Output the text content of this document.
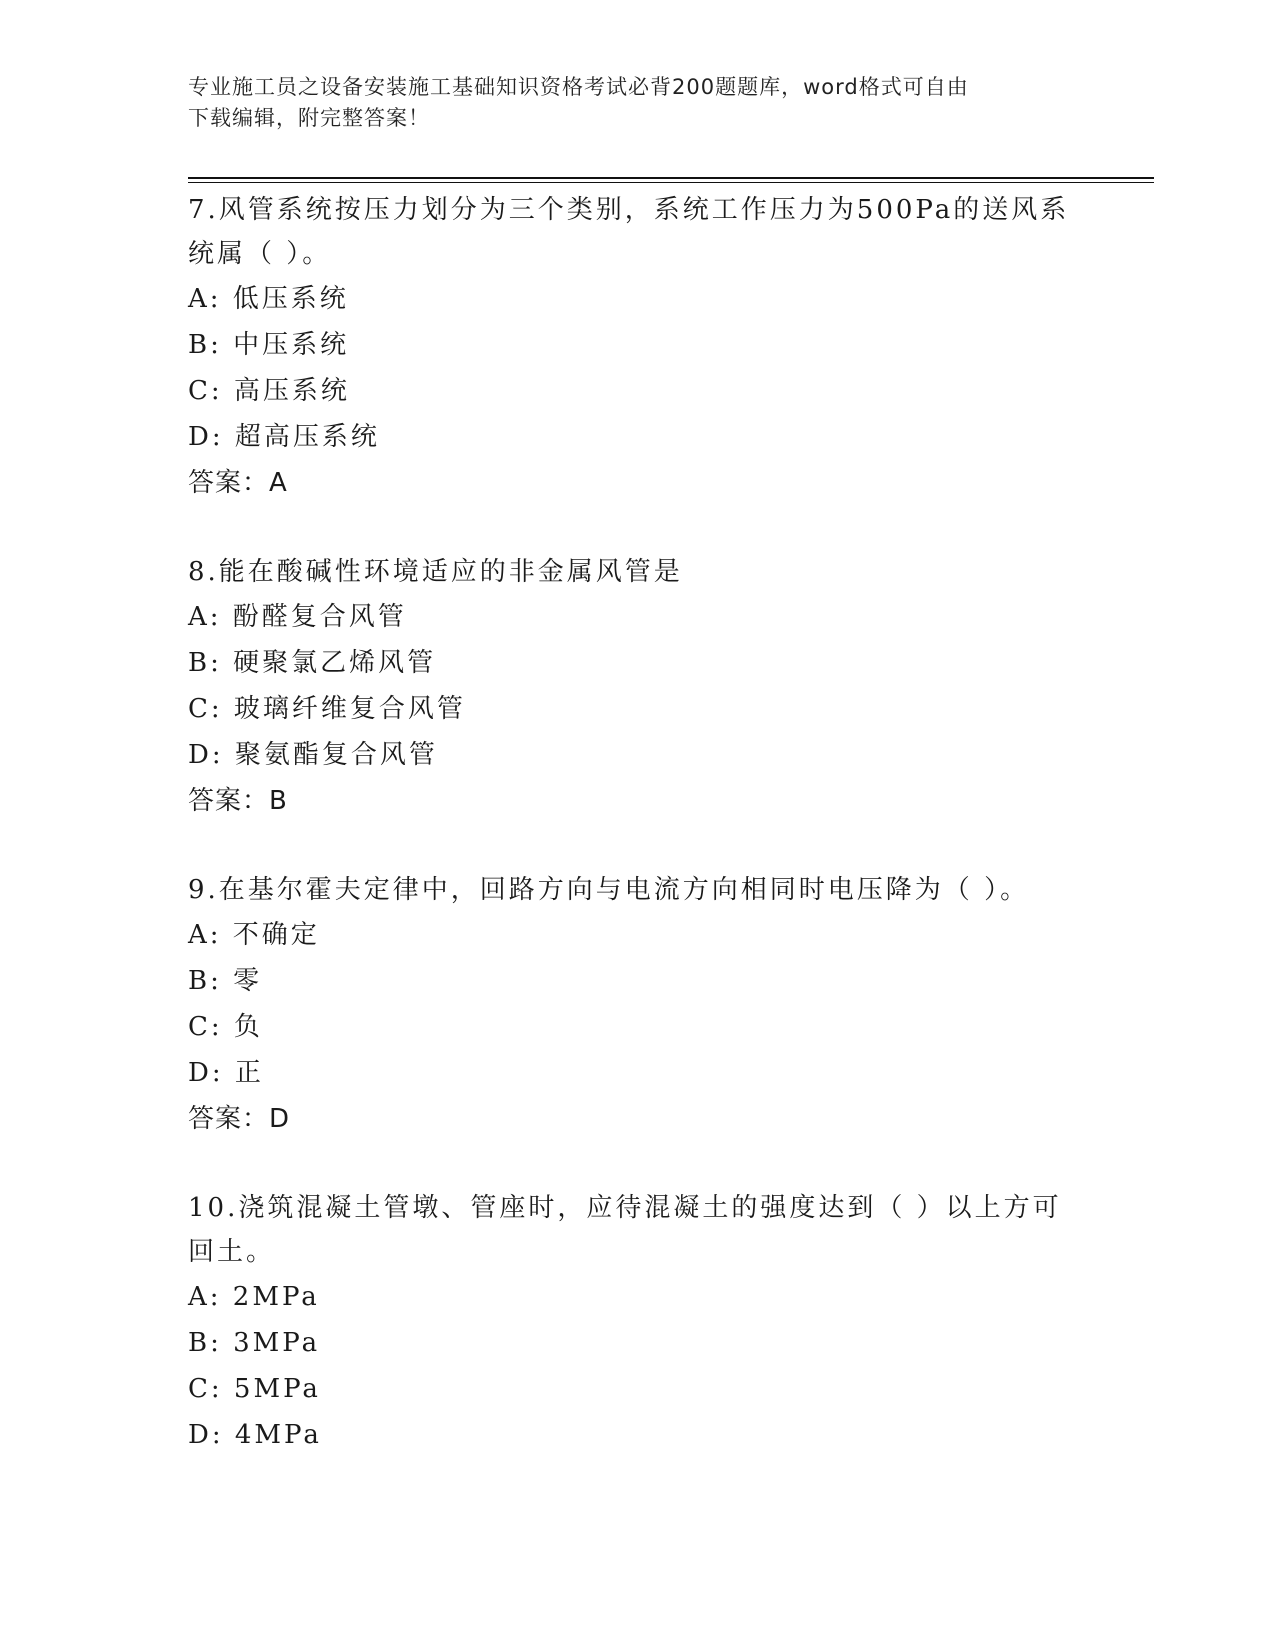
专业施工员之设备安装施工基础知识资格考试必背200题题库，word格式可自由
下载编辑，附完整答案！

7.风管系统按压力划分为三个类别，系统工作压力为500Pa的送风系
统属（ ）。

A: 低压系统

B: 中压系统

C: 高压系统

D: 超高压系统

答案：A

8.能在酸碱性环境适应的非金属风管是

A: 酚醛复合风管

B: 硬聚氯乙烯风管

C: 玻璃纤维复合风管

D: 聚氨酯复合风管

答案：B

9.在基尔霍夫定律中，回路方向与电流方向相同时电压降为（ ）。

A: 不确定

B: 零

C: 负

D: 正

答案：D

10.浇筑混凝土管墩、管座时，应待混凝土的强度达到（ ）以上方可
回土。

A: 2MPa

B: 3MPa

C: 5MPa

D: 4MPa
